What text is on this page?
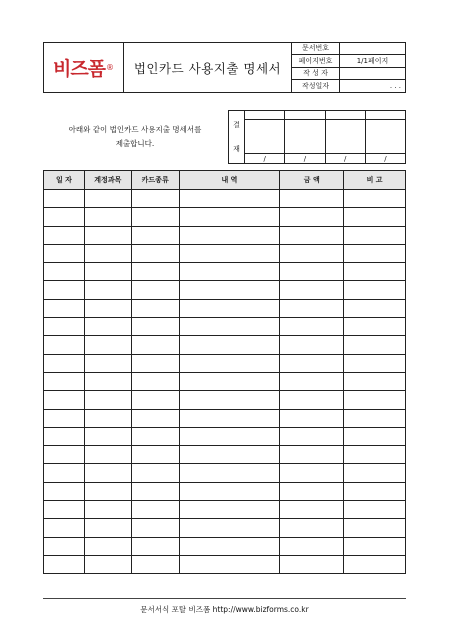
비즈폼 ®	법인카드 사용지출 명세서
문서번호	
페이지번호	1/1페이지
작 성 자	
작성일자	. . .
아래와 같이 법인카드 사용지출 명세서를
제출합니다.
결
재				

	/	/	/	/
일 자	계정과목	카드종류	내 역	금 액	비 고

문서서식 포탈 비즈폼 http://www.bizforms.co.kr
